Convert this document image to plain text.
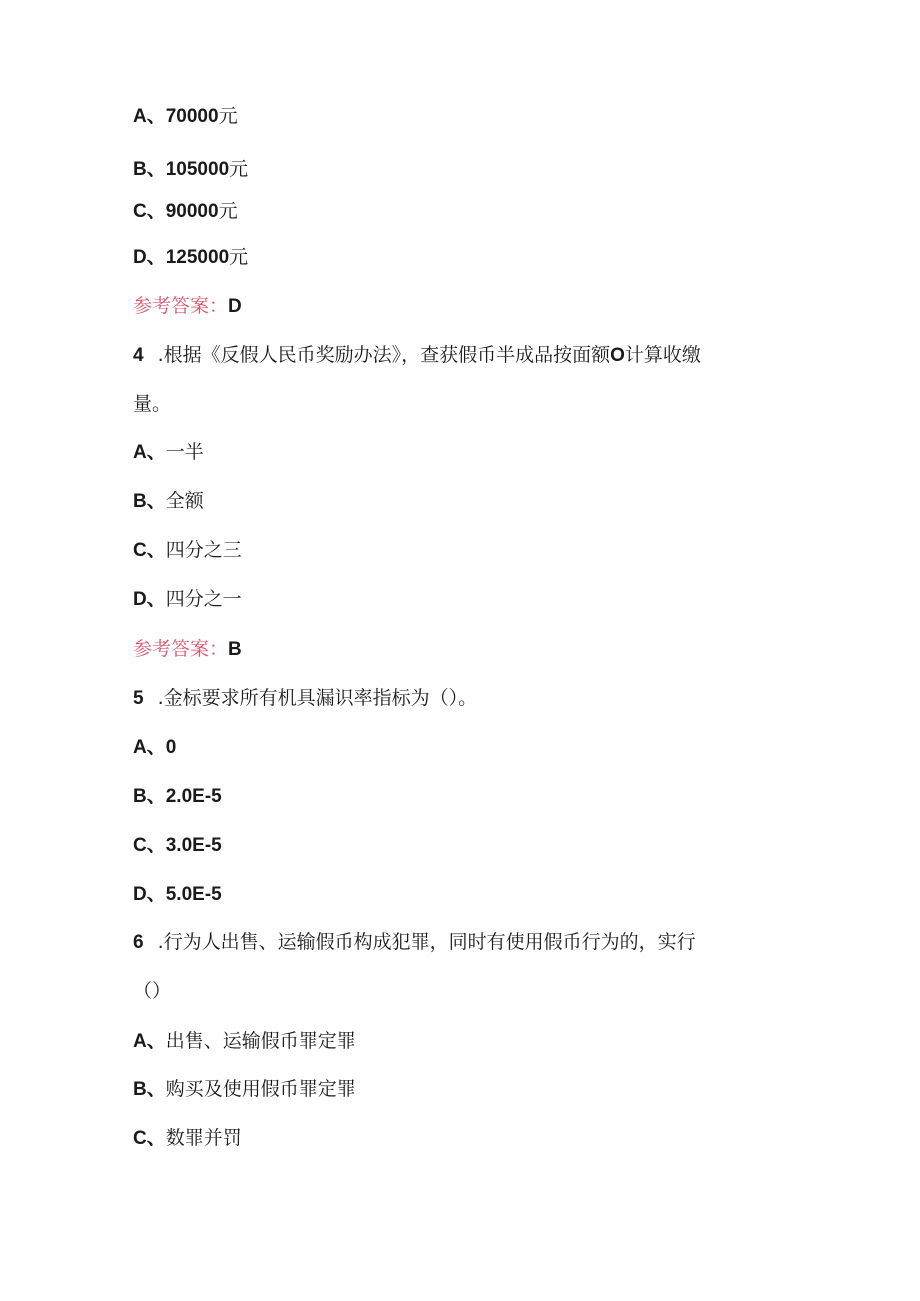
A、70000元
B、105000元
C、90000元
D、125000元
参考答案：D
4 .根据《反假人民币奖励办法》，查获假币半成品按面额O计算收缴
量。
A、一半
B、全额
C、四分之三
D、四分之一
参考答案：B
5 .金标要求所有机具漏识率指标为（）。
A、0
B、2.0E-5
C、3.0E-5
D、5.0E-5
6 .行为人出售、运输假币构成犯罪，同时有使用假币行为的，实行
（）
A、出售、运输假币罪定罪
B、购买及使用假币罪定罪
C、数罪并罚
